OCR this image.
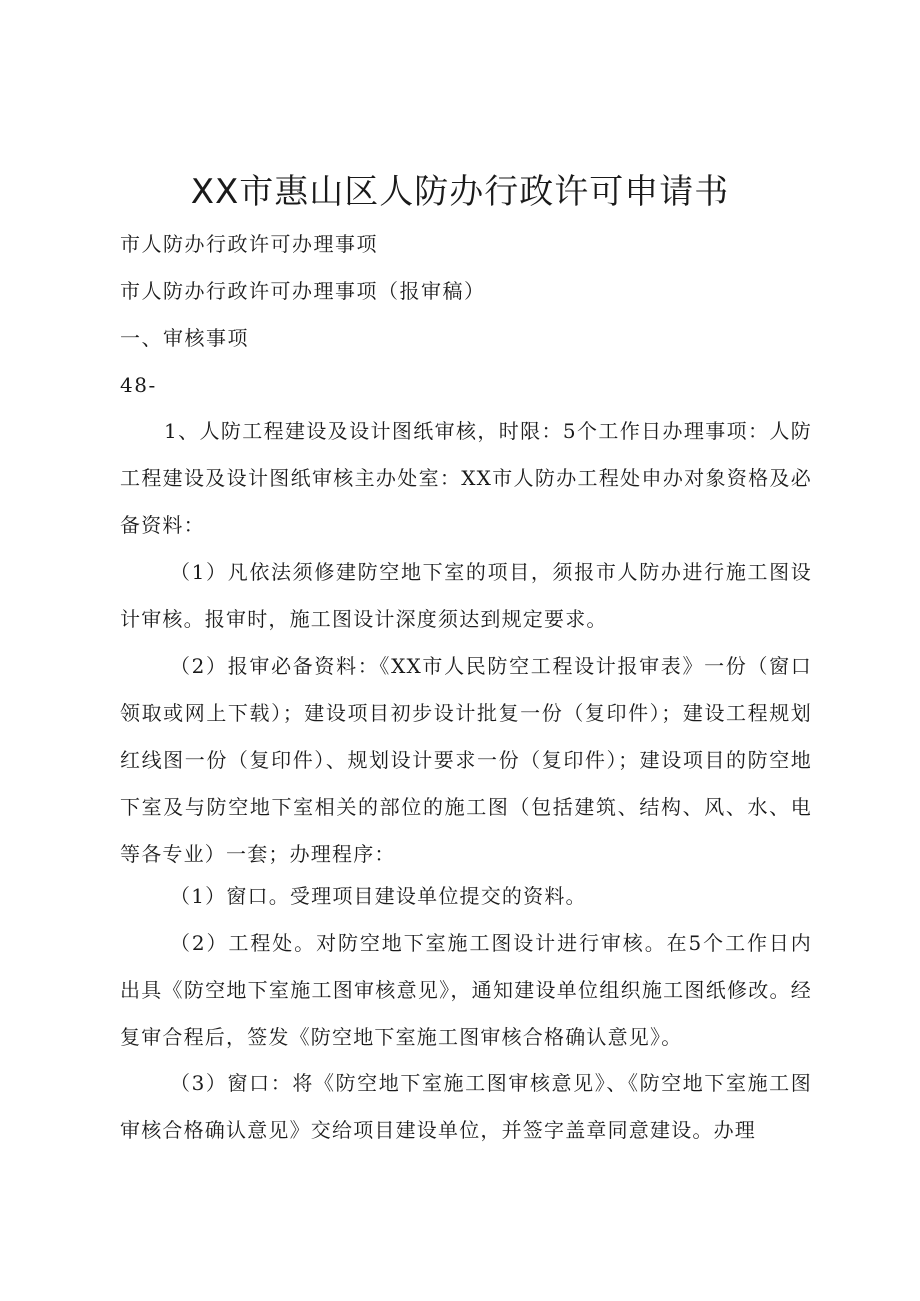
XX市惠山区人防办行政许可申请书
市人防办行政许可办理事项
市人防办行政许可办理事项（报审稿）
一、审核事项
48-
1、人防工程建设及设计图纸审核，时限：5个工作日办理事项：人防工程建设及设计图纸审核主办处室：XX市人防办工程处申办对象资格及必备资料：
（1）凡依法须修建防空地下室的项目，须报市人防办进行施工图设计审核。报审时，施工图设计深度须达到规定要求。
（2）报审必备资料：《XX市人民防空工程设计报审表》一份（窗口领取或网上下载）；建设项目初步设计批复一份（复印件）；建设工程规划红线图一份（复印件）、规划设计要求一份（复印件）；建设项目的防空地下室及与防空地下室相关的部位的施工图（包括建筑、结构、风、水、电等各专业）一套；办理程序：
（1）窗口。受理项目建设单位提交的资料。
（2）工程处。对防空地下室施工图设计进行审核。在5个工作日内出具《防空地下室施工图审核意见》，通知建设单位组织施工图纸修改。经复审合程后，签发《防空地下室施工图审核合格确认意见》。
（3）窗口：将《防空地下室施工图审核意见》、《防空地下室施工图审核合格确认意见》交给项目建设单位，并签字盖章同意建设。办理
